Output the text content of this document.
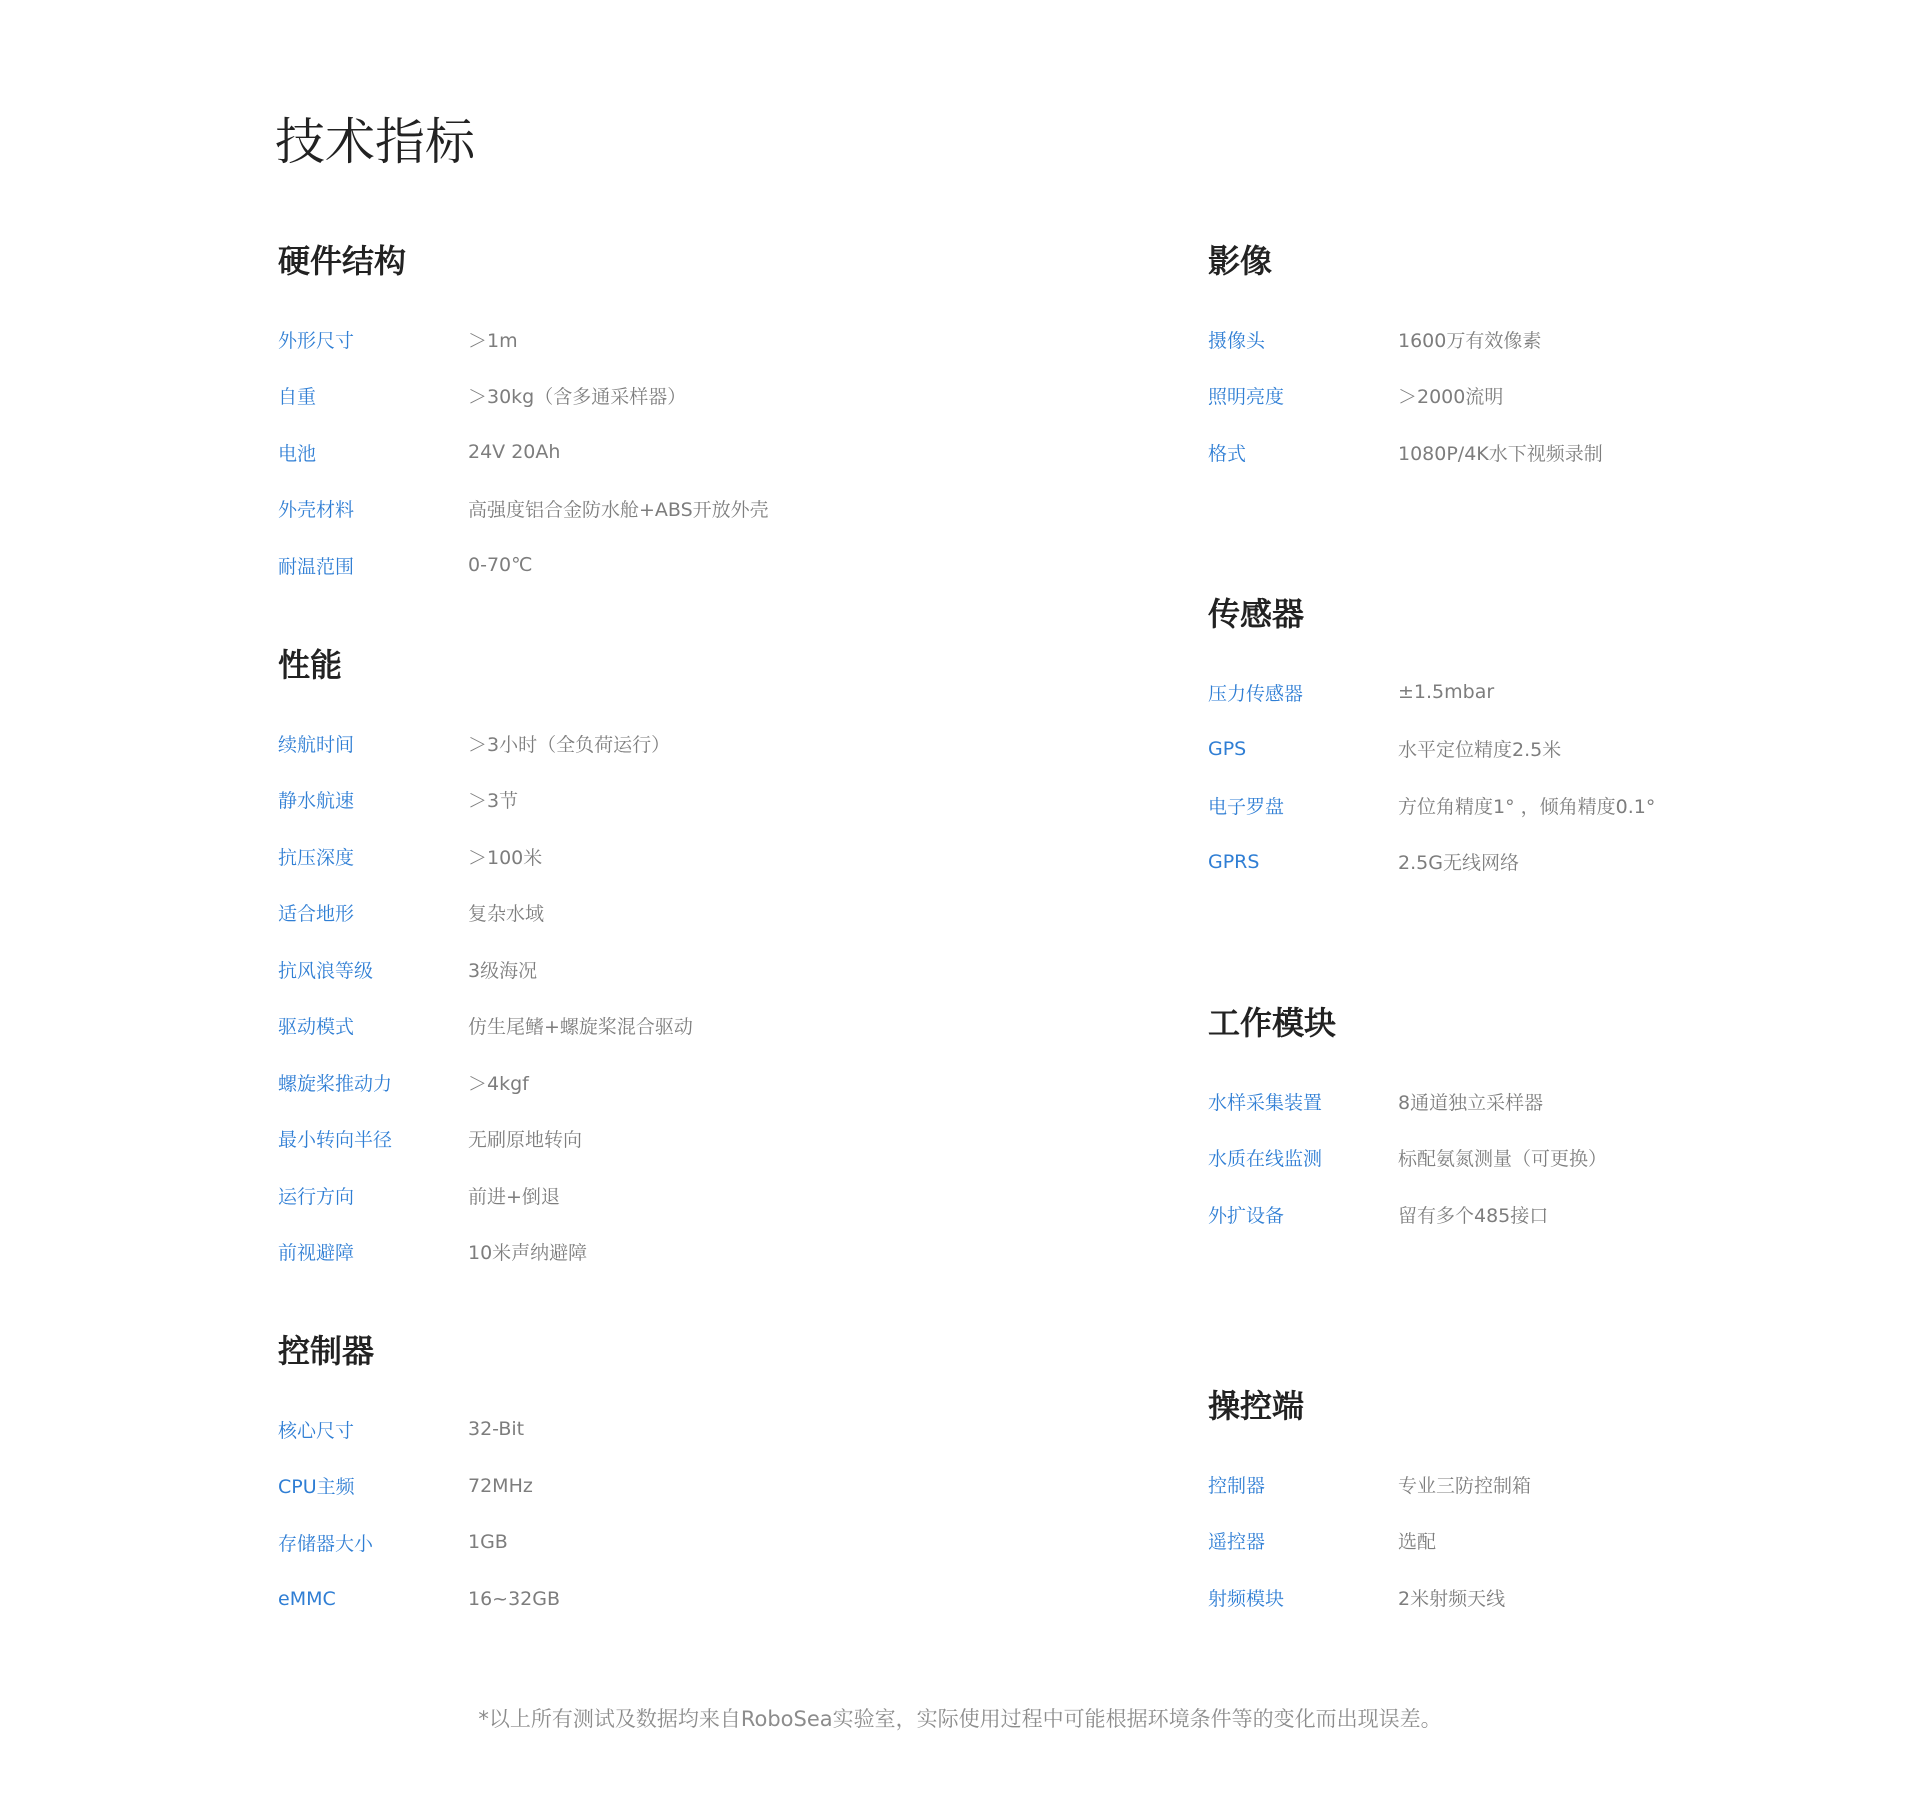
技术指标
硬件结构
外形尺寸	＞1m
自重	＞30kg（含多通采样器）
电池	24V 20Ah
外壳材料	高强度铝合金防水舱+ABS开放外壳
耐温范围	0-70℃
性能
续航时间	＞3小时（全负荷运行）
静水航速	＞3节
抗压深度	＞100米
适合地形	复杂水域
抗风浪等级	3级海况
驱动模式	仿生尾鳍+螺旋桨混合驱动
螺旋桨推动力	＞4kgf
最小转向半径	无刷原地转向
运行方向	前进+倒退
前视避障	10米声纳避障
控制器
核心尺寸	32-Bit
CPU主频	72MHz
存储器大小	1GB
eMMC	16~32GB
影像
摄像头	1600万有效像素
照明亮度	＞2000流明
格式	1080P/4K水下视频录制
传感器
压力传感器	±1.5mbar
GPS	水平定位精度2.5米
电子罗盘	方位角精度1° ，倾角精度0.1°
GPRS	2.5G无线网络
工作模块
水样采集装置	8通道独立采样器
水质在线监测	标配氨氮测量（可更换）
外扩设备	留有多个485接口
操控端
控制器	专业三防控制箱
遥控器	选配
射频模块	2米射频天线

*以上所有测试及数据均来自RoboSea实验室，实际使用过程中可能根据环境条件等的变化而出现误差。
